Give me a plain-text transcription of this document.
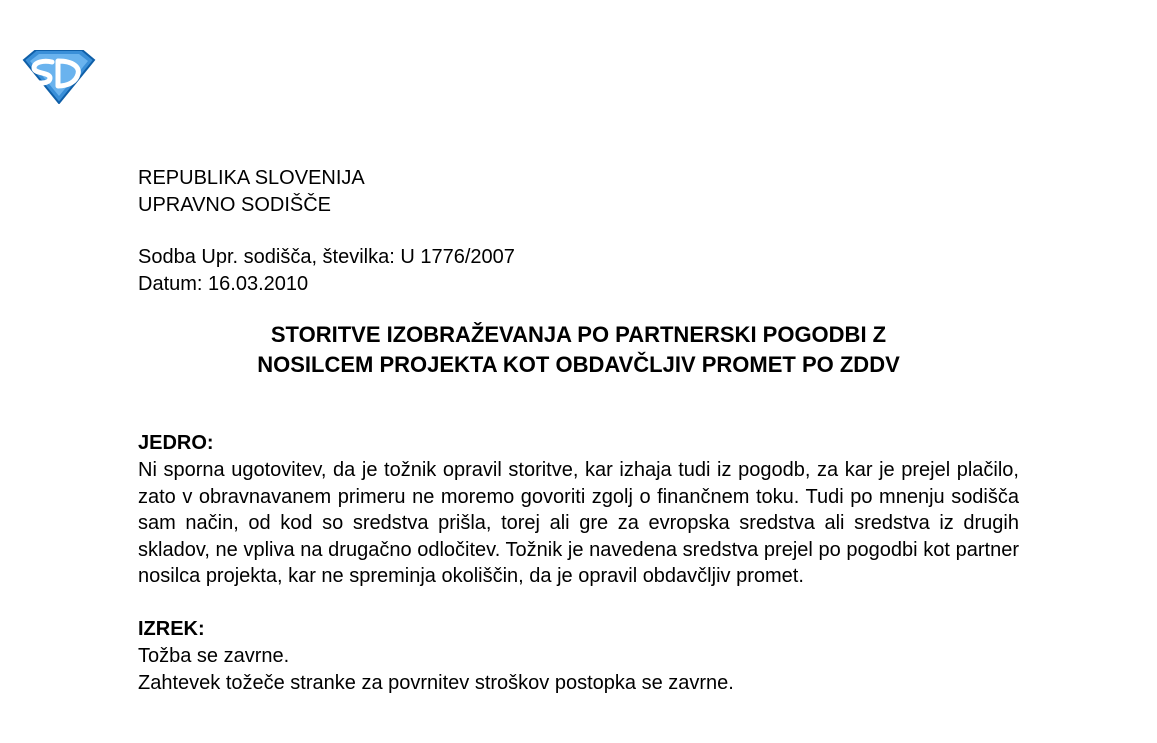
REPUBLIKA SLOVENIJA
UPRAVNO SODIŠČE
Sodba Upr. sodišča, številka: U 1776/2007
Datum: 16.03.2010
STORITVE IZOBRAŽEVANJA PO PARTNERSKI POGODBI Z
NOSILCEM PROJEKTA KOT OBDAVČLJIV PROMET PO ZDDV
JEDRO:
Ni sporna ugotovitev, da je tožnik opravil storitve, kar izhaja tudi iz pogodb, za kar je prejel plačilo, zato v obravnavanem primeru ne moremo govoriti zgolj o finančnem toku. Tudi po mnenju sodišča sam način, od kod so sredstva prišla, torej ali gre za evropska sredstva ali sredstva iz drugih skladov, ne vpliva na drugačno odločitev. Tožnik je navedena sredstva prejel po pogodbi kot partner nosilca projekta, kar ne spreminja okoliščin, da je opravil obdavčljiv promet.
IZREK:
Tožba se zavrne.
Zahtevek tožeče stranke za povrnitev stroškov postopka se zavrne.
